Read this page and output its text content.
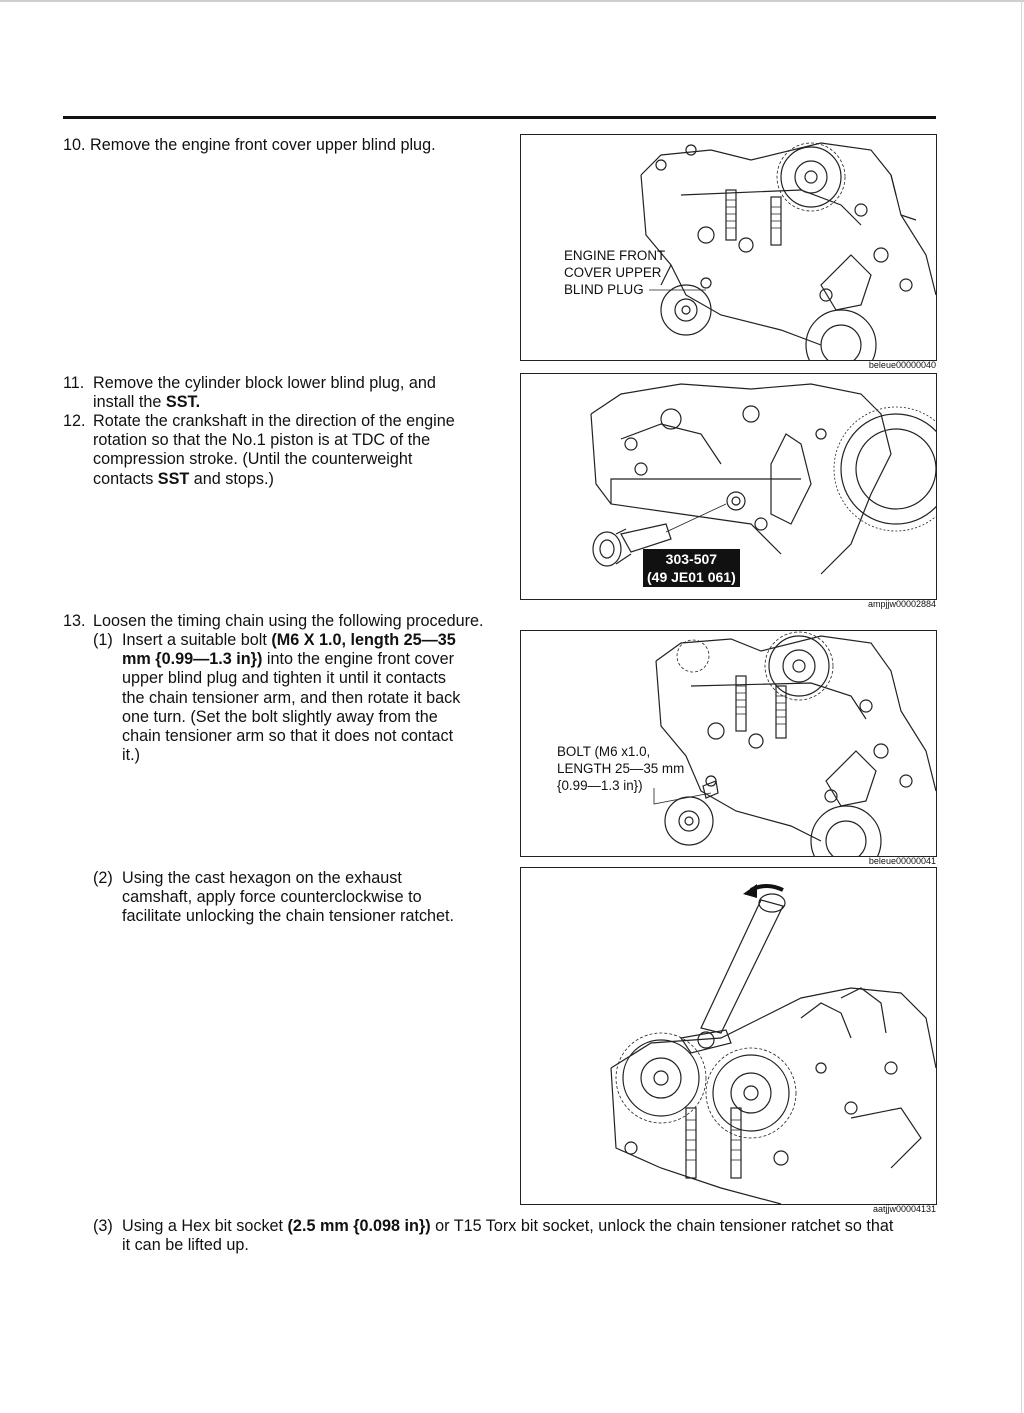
10. Remove the engine front cover upper blind plug.
11. Remove the cylinder block lower blind plug, and
install the SST.
12. Rotate the crankshaft in the direction of the engine
rotation so that the No.1 piston is at TDC of the
compression stroke. (Until the counterweight
contacts SST and stops.)
13. Loosen the timing chain using the following procedure.
(1) Insert a suitable bolt (M6 X 1.0, length 25—35
mm {0.99—1.3 in}) into the engine front cover
upper blind plug and tighten it until it contacts
the chain tensioner arm, and then rotate it back
one turn. (Set the bolt slightly away from the
chain tensioner arm so that it does not contact
it.)
(2) Using the cast hexagon on the exhaust
camshaft, apply force counterclockwise to
facilitate unlocking the chain tensioner ratchet.
(3) Using a Hex bit socket (2.5 mm {0.098 in}) or T15 Torx bit socket, unlock the chain tensioner ratchet so that
it can be lifted up.
ENGINE FRONT
COVER UPPER
BLIND PLUG
beleue00000040
303-507
(49 JE01 061)
ampjjw00002884
BOLT (M6 x1.0,
LENGTH 25—35 mm
{0.99—1.3 in})
beleue00000041
aatjjw00004131
